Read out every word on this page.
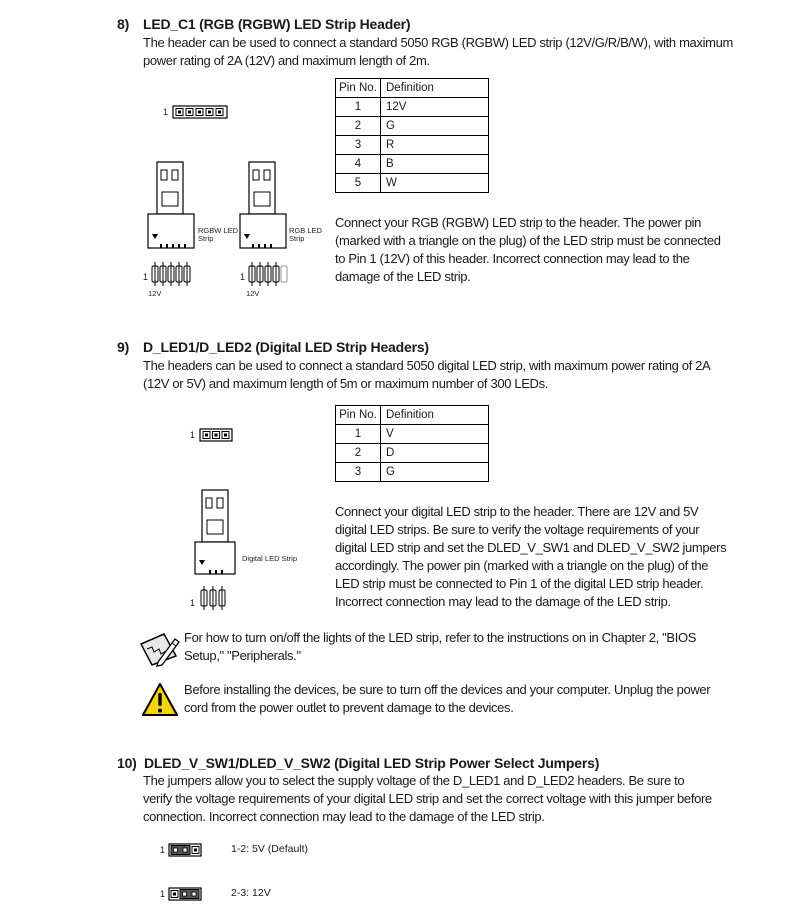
8) LED_C1 (RGB (RGBW) LED Strip Header)
The header can be used to connect a standard 5050 RGB (RGBW) LED strip (12V/G/R/B/W), with maximum
power rating of 2A (12V) and maximum length of 2m.
1
Pin No.	Definition
1	12V
2	G
3	R
4	B
5	W
RGBW LED
Strip
1
12V
RGB LED
Strip
1
12V
Connect your RGB (RGBW) LED strip to the header. The power pin
(marked with a triangle on the plug) of the LED strip must be connected
to Pin 1 (12V) of this header. Incorrect connection may lead to the
damage of the LED strip.
9) D_LED1/D_LED2 (Digital LED Strip Headers)
The headers can be used to connect a standard 5050 digital LED strip, with maximum power rating of 2A
(12V or 5V) and maximum length of 5m or maximum number of 300 LEDs.
1
Pin No.	Definition
1	V
2	D
3	G
Digital LED Strip
1
Connect your digital LED strip to the header. There are 12V and 5V
digital LED strips. Be sure to verify the voltage requirements of your
digital LED strip and set the DLED_V_SW1 and DLED_V_SW2 jumpers
accordingly. The power pin (marked with a triangle on the plug) of the
LED strip must be connected to Pin 1 of the digital LED strip header.
Incorrect connection may lead to the damage of the LED strip.
For how to turn on/off the lights of the LED strip, refer to the instructions on in Chapter 2, "BIOS
Setup," "Peripherals."
Before installing the devices, be sure to turn off the devices and your computer. Unplug the power
cord from the power outlet to prevent damage to the devices.
10) DLED_V_SW1/DLED_V_SW2 (Digital LED Strip Power Select Jumpers)
The jumpers allow you to select the supply voltage of the D_LED1 and D_LED2 headers. Be sure to
verify the voltage requirements of your digital LED strip and set the correct voltage with this jumper before
connection. Incorrect connection may lead to the damage of the LED strip.
1	1-2: 5V (Default)
1	2-3: 12V
